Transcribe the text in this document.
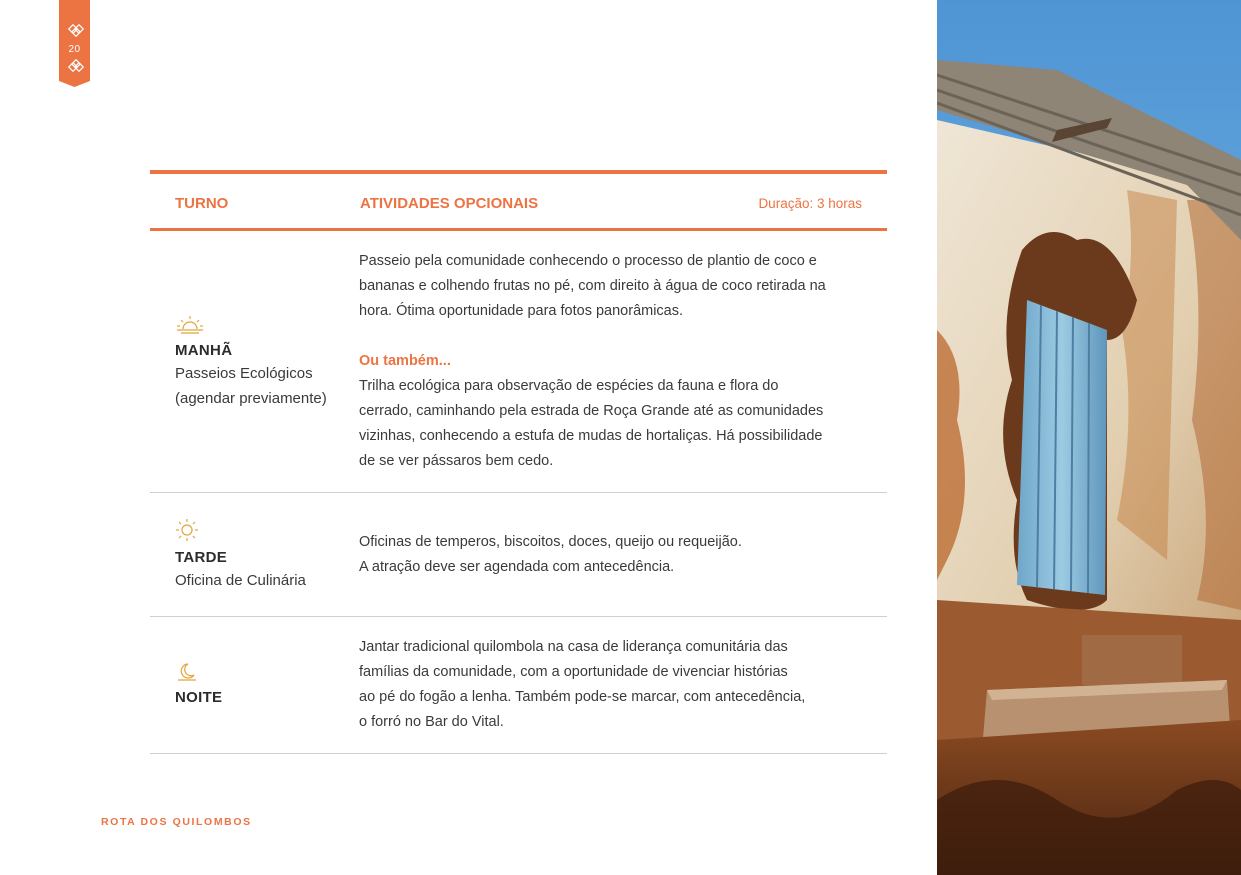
20
TURNO	ATIVIDADES OPCIONAIS	Duração: 3 horas
MANHÃ
Passeios Ecológicos
(agendar previamente)

Passeio pela comunidade conhecendo o processo de plantio de coco e

bananas e colhendo frutas no pé, com direito à água de coco retirada na

hora. Ótima oportunidade para fotos panorâmicas.

Ou também...

Trilha ecológica para observação de espécies da fauna e flora do

cerrado, caminhando pela estrada de Roça Grande até as comunidades

vizinhas, conhecendo a estufa de mudas de hortaliças. Há possibilidade

de se ver pássaros bem cedo.

TARDE
Oficina de Culinária

Oficinas de temperos, biscoitos, doces, queijo ou requeijão.

A atração deve ser agendada com antecedência.

NOITE

Jantar tradicional quilombola na casa de liderança comunitária das

famílias da comunidade, com a oportunidade de vivenciar histórias

ao pé do fogão a lenha. Também pode-se marcar, com antecedência,

o forró no Bar do Vital.

ROTA DOS QUILOMBOS
